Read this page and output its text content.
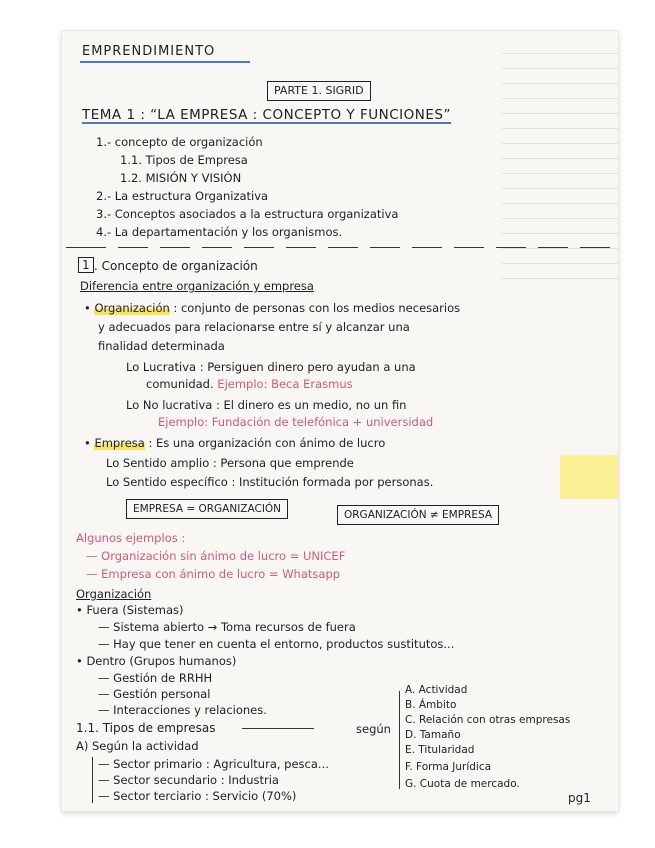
EMPRENDIMIENTO
PARTE 1. SIGRID
TEMA 1 : “LA EMPRESA : CONCEPTO Y FUNCIONES”
1.- concepto de organización
1.1. Tipos de Empresa
1.2. MISIÓN Y VISIÓN
2.- La estructura Organizativa
3.- Conceptos asociados a la estructura organizativa
4.- La departamentación y los organismos.
1 . Concepto de organización
Diferencia entre organización y empresa
• Organización : conjunto de personas con los medios necesarios
y adecuados para relacionarse entre sí y alcanzar una
finalidad determinada
Lo Lucrativa : Persiguen dinero pero ayudan a una
comunidad. Ejemplo: Beca Erasmus
Lo No lucrativa : El dinero es un medio, no un fin
Ejemplo: Fundación de telefónica + universidad
• Empresa : Es una organización con ánimo de lucro
Lo Sentido amplio : Persona que emprende
Lo Sentido específico : Institución formada por personas.
EMPRESA = ORGANIZACIÓN	ORGANIZACIÓN ≠ EMPRESA
Algunos ejemplos :
— Organización sin ánimo de lucro = UNICEF
— Empresa con ánimo de lucro = Whatsapp
Organización
• Fuera (Sistemas)
— Sistema abierto → Toma recursos de fuera
— Hay que tener en cuenta el entorno, productos sustitutos...
• Dentro (Grupos humanos)
— Gestión de RRHH
— Gestión personal
— Interacciones y relaciones.
1.1. Tipos de empresas	según
A) Según la actividad
— Sector primario : Agricultura, pesca...
— Sector secundario : Industria
— Sector terciario : Servicio (70%)
A. Actividad
B. Ámbito
C. Relación con otras empresas
D. Tamaño
E. Titularidad
F. Forma Jurídica
G. Cuota de mercado.
pg1
